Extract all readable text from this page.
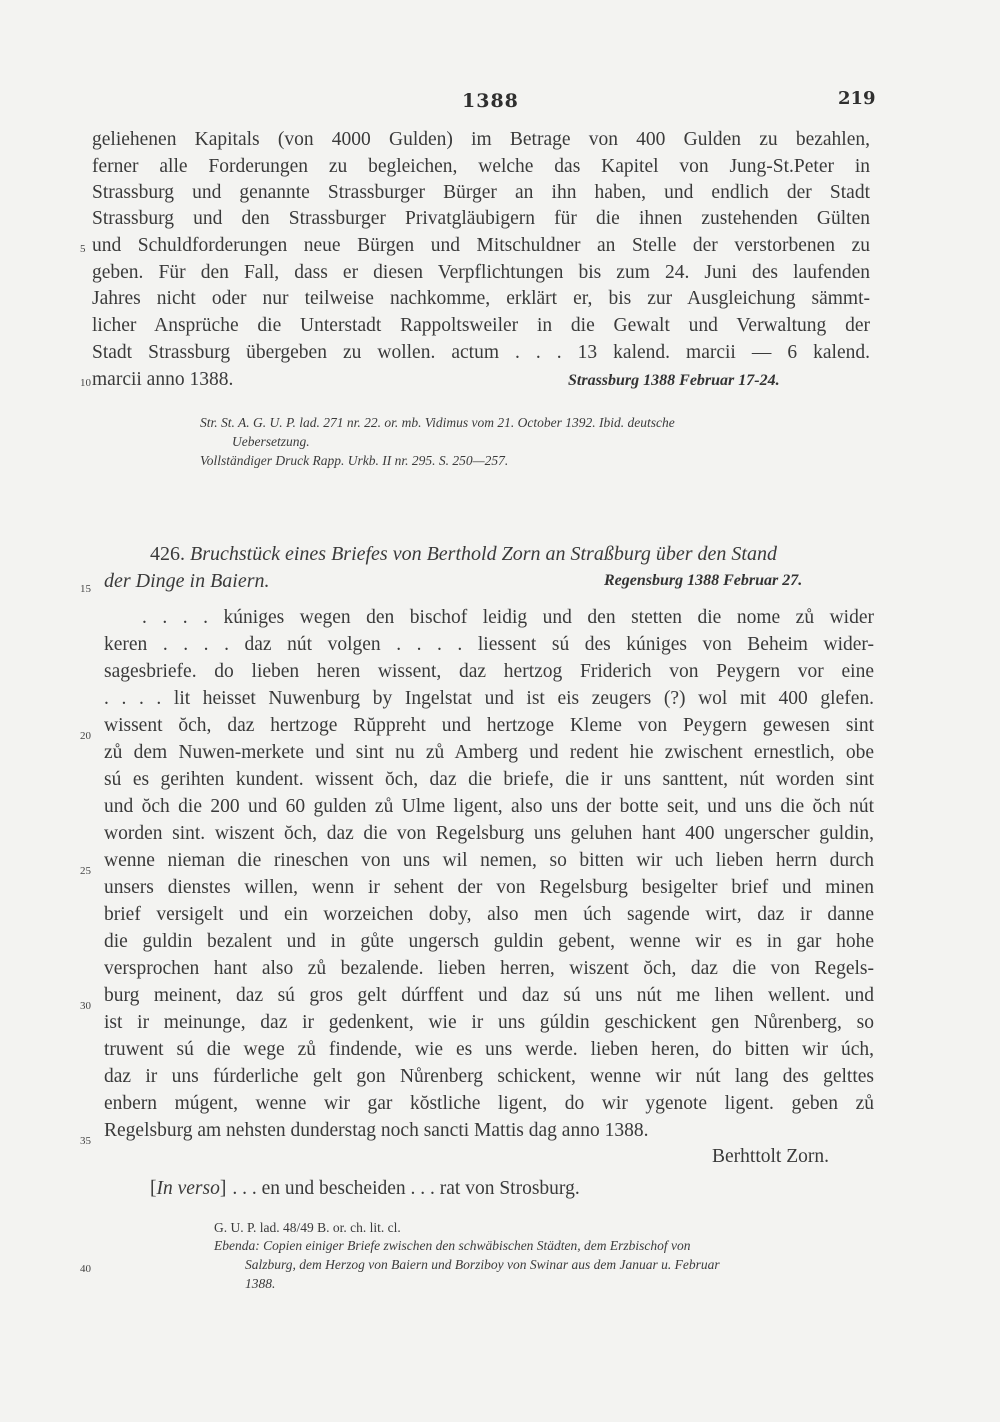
1388	219
geliehenen Kapitals (von 4000 Gulden) im Betrage von 400 Gulden zu bezahlen,
ferner alle Forderungen zu begleichen, welche das Kapitel von Jung-St.Peter in
Strassburg und genannte Strassburger Bürger an ihn haben, und endlich der Stadt
Strassburg und den Strassburger Privatgläubigern für die ihnen zustehenden Gülten
und Schuldforderungen neue Bürgen und Mitschuldner an Stelle der verstorbenen zu
geben. Für den Fall, dass er diesen Verpflichtungen bis zum 24. Juni des laufenden
Jahres nicht oder nur teilweise nachkomme, erklärt er, bis zur Ausgleichung sämmt-
licher Ansprüche die Unterstadt Rappoltsweiler in die Gewalt und Verwaltung der
Stadt Strassburg übergeben zu wollen. actum . . . 13 kalend. marcii — 6 kalend.
marcii anno 1388.	Strassburg 1388 Februar 17-24.
Str. St. A. G. U. P. lad. 271 nr. 22. or. mb. Vidimus vom 21. October 1392. Ibid. deutsche
Uebersetzung.
Vollständiger Druck Rapp. Urkb. II nr. 295. S. 250—257.
426. Bruchstück eines Briefes von Berthold Zorn an Straßburg über den Stand
der Dinge in Baiern.	Regensburg 1388 Februar 27.
. . . . kúniges wegen den bischof leidig und den stetten die nome zů wider
keren . . . . daz nút volgen . . . . liessent sú des kúniges von Beheim wider-
sagesbriefe. do lieben heren wissent, daz hertzog Friderich von Peygern vor eine
. . . . lit heisset Nuwenburg by Ingelstat und ist eis zeugers (?) wol mit 400 glefen.
wissent ŏch, daz hertzoge Rŭppreht und hertzoge Kleme von Peygern gewesen sint
zů dem Nuwen-merkete und sint nu zů Amberg und redent hie zwischent ernestlich, obe
sú es gerihten kundent. wissent ŏch, daz die briefe, die ir uns santtent, nút worden sint
und ŏch die 200 und 60 gulden zů Ulme ligent, also uns der botte seit, und uns die ŏch nút
worden sint. wiszent ŏch, daz die von Regelsburg uns geluhen hant 400 ungerscher guldin,
wenne nieman die rineschen von uns wil nemen, so bitten wir uch lieben herrn durch
unsers dienstes willen, wenn ir sehent der von Regelsburg besigelter brief und minen
brief versigelt und ein worzeichen doby, also men úch sagende wirt, daz ir danne
die guldin bezalent und in gůte ungersch guldin gebent, wenne wir es in gar hohe
versprochen hant also zů bezalende. lieben herren, wiszent ŏch, daz die von Regels-
burg meinent, daz sú gros gelt dúrffent und daz sú uns nút me lihen wellent. und
ist ir meinunge, daz ir gedenkent, wie ir uns gúldin geschickent gen Nůrenberg, so
truwent sú die wege zů findende, wie es uns werde. lieben heren, do bitten wir úch,
daz ir uns fúrderliche gelt gon Nůrenberg schickent, wenne wir nút lang des gelttes
enbern múgent, wenne wir gar kŏstliche ligent, do wir ygenote ligent. geben zů
Regelsburg am nehsten dunderstag noch sancti Mattis dag anno 1388.
Berhttolt Zorn.
[In verso] . . . en und bescheiden . . . rat von Strosburg.
G. U. P. lad. 48/49 B. or. ch. lit. cl.
Ebenda: Copien einiger Briefe zwischen den schwäbischen Städten, dem Erzbischof von
Salzburg, dem Herzog von Baiern und Borziboy von Swinar aus dem Januar u. Februar
1388.
5
10
15
20
25
30
35
40
